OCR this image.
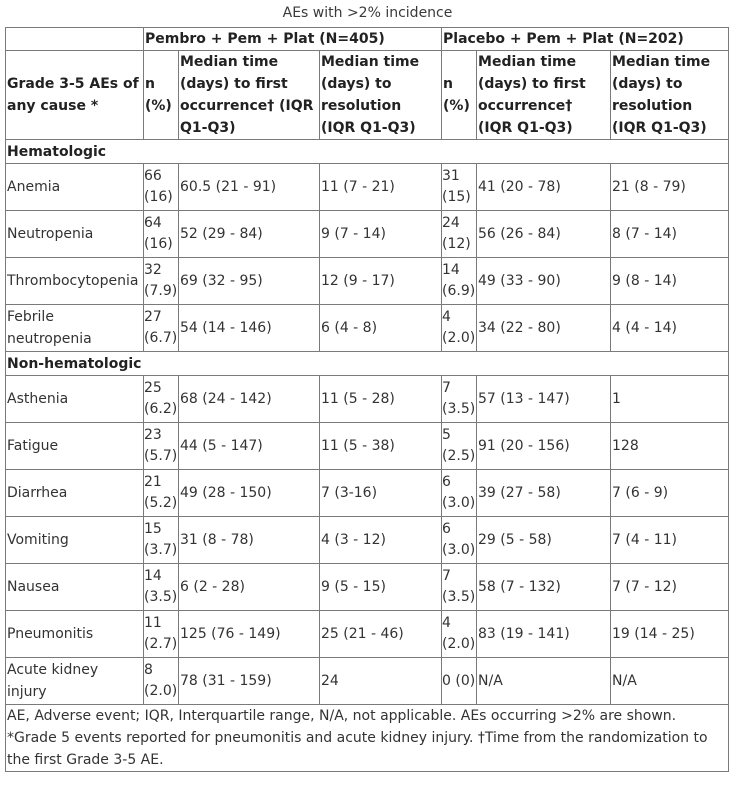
AEs with >2% incidence
	Pembro + Pem + Plat (N=405)			Placebo + Pem + Plat (N=202)		
Grade 3-5 AEs of any cause *	n (%)	Median time (days) to first occurrence† (IQR Q1-Q3)	Median time (days) to resolution (IQR Q1-Q3)	n (%)	Median time (days) to first occurrence† (IQR Q1-Q3)	Median time (days) to resolution (IQR Q1-Q3)
Hematologic						
Anemia	66 (16)	60.5 (21 - 91)	11 (7 - 21)	31 (15)	41 (20 - 78)	21 (8 - 79)
Neutropenia	64 (16)	52 (29 - 84)	9 (7 - 14)	24 (12)	56 (26 - 84)	8 (7 - 14)
Thrombocytopenia	32 (7.9)	69 (32 - 95)	12 (9 - 17)	14 (6.9)	49 (33 - 90)	9 (8 - 14)
Febrile neutropenia	27 (6.7)	54 (14 - 146)	6 (4 - 8)	4 (2.0)	34 (22 - 80)	4 (4 - 14)
Non-hematologic						
Asthenia	25 (6.2)	68 (24 - 142)	11 (5 - 28)	7 (3.5)	57 (13 - 147)	1
Fatigue	23 (5.7)	44 (5 - 147)	11 (5 - 38)	5 (2.5)	91 (20 - 156)	128
Diarrhea	21 (5.2)	49 (28 - 150)	7 (3-16)	6 (3.0)	39 (27 - 58)	7 (6 - 9)
Vomiting	15 (3.7)	31 (8 - 78)	4 (3 - 12)	6 (3.0)	29 (5 - 58)	7 (4 - 11)
Nausea	14 (3.5)	6 (2 - 28)	9 (5 - 15)	7 (3.5)	58 (7 - 132)	7 (7 - 12)
Pneumonitis	11 (2.7)	125 (76 - 149)	25 (21 - 46)	4 (2.0)	83 (19 - 141)	19 (14 - 25)
Acute kidney injury	8 (2.0)	78 (31 - 159)	24	0 (0)	N/A	N/A
AE, Adverse event; IQR, Interquartile range, N/A, not applicable. AEs occurring >2% are shown. *Grade 5 events reported for pneumonitis and acute kidney injury. †Time from the randomization to the first Grade 3-5 AE.						
